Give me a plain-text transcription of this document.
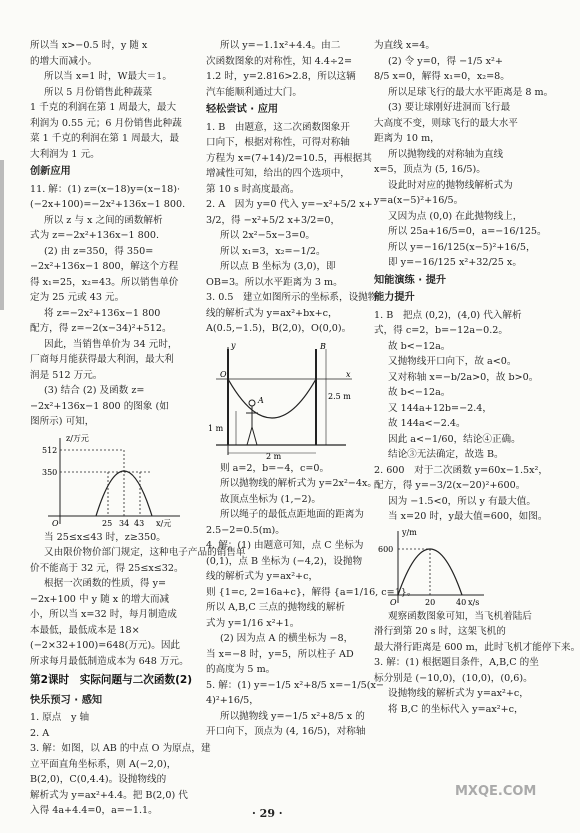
所以当 x>−0.5 时，y 随 x

的增大而减小。

所以当 x=1 时，W最大＝1。

所以 5 月份销售此种蔬菜

1 千克的利润在第 1 周最大，最大

利润为 0.55 元；6 月份销售此种蔬

菜 1 千克的利润在第 1 周最大，最

大利润为 1 元。

创新应用

11. 解：(1) z=(x−18)y=(x−18)·

(−2x+100)=−2x²+136x−1 800.

所以 z 与 x 之间的函数解析

式为 z=−2x²+136x−1 800.

(2) 由 z=350，得 350=

−2x²+136x−1 800，解这个方程

得 x₁=25，x₂=43。所以销售单价

定为 25 元或 43 元。

将 z=−2x²+136x−1 800

配方，得 z=−2(x−34)²+512。

因此，当销售单价为 34 元时，

厂商每月能获得最大利润，最大利

润是 512 万元。

(3) 结合 (2) 及函数 z=

−2x²+136x−1 800 的图象 (如

图所示) 可知，

z/万元
x/元
O
512
350
25 34 43

当 25≤x≤43 时，z≥350。

又由限价物价部门规定，这种电子产品的销售单

价不能高于 32 元，得 25≤x≤32。

根据一次函数的性质，得 y=

−2x+100 中 y 随 x 的增大而减

小，所以当 x=32 时，每月制造成

本最低，最低成本是 18×

(−2×32+100)=648(万元)。因此

所求每月最低制造成本为 648 万元。

第2课时　实际问题与二次函数(2)

快乐预习 · 感知

1. 原点　y 轴

2. A

3. 解：如图，以 AB 的中点 O 为原点，建

立平面直角坐标系，则 A(−2,0)，

B(2,0)，C(0,4.4)。设抛物线的

解析式为 y=ax²+4.4。把 B(2,0) 代

入得 4a+4.4=0，a=−1.1。

所以 y=−1.1x²+4.4。由二

次函数图象的对称性，知 4.4÷2=

1.2 时，y=2.816>2.8，所以这辆

汽车能顺利通过大门。

轻松尝试 · 应用

1. B　由题意，这二次函数图象开

口向下，根据对称性，可得对称轴

方程为 x=(7+14)/2=10.5，再根据其

增减性可知，给出的四个选项中，

第 10 s 时高度最高。

2. A　因为 y=0 代入 y=−x²+5/2 x+

3/2，得 −x²+5/2 x+3/2=0，

所以 2x²−5x−3=0。

所以 x₁=3，x₂=−1/2。

所以点 B 坐标为 (3,0)，即

OB=3。所以水平距离为 3 m。

3. 0.5　建立如图所示的坐标系，设抛物

线的解析式为 y=ax²+bx+c，

A(0.5,−1.5)，B(2,0)，O(0,0)。

B
A
O	x
y
1 m
2.5 m
2 m

则 a=2，b=−4，c=0。

所以抛物线的解析式为 y=2x²−4x。

故顶点坐标为 (1,−2)。

所以绳子的最低点距地面的距离为

2.5−2=0.5(m)。

4. 解：(1) 由题意可知，点 C 坐标为

(0,1)，点 B 坐标为 (−4,2)，设抛物

线的解析式为 y=ax²+c，

则 {1=c, 2=16a+c}，解得 {a=1/16, c=1}。

所以 A,B,C 三点的抛物线的解析

式为 y=1/16 x²+1。

(2) 因为点 A 的横坐标为 −8，

当 x=−8 时，y=5，所以柱子 AD

的高度为 5 m。

5. 解：(1) y=−1/5 x²+8/5 x=−1/5(x−

4)²+16/5，

所以抛物线 y=−1/5 x²+8/5 x 的

开口向下，顶点为 (4, 16/5)，对称轴

为直线 x=4。

(2) 令 y=0，得 −1/5 x²+

8/5 x=0，解得 x₁=0，x₂=8。

所以足球飞行的最大水平距离是 8 m。

(3) 要让球刚好进洞而飞行最

大高度不变，则球飞行的最大水平

距离为 10 m，

所以抛物线的对称轴为直线

x=5，顶点为 (5, 16/5)。

设此时对应的抛物线解析式为

y=a(x−5)²+16/5。

又因为点 (0,0) 在此抛物线上，

所以 25a+16/5=0，a=−16/125。

所以 y=−16/125(x−5)²+16/5，

即 y=−16/125 x²+32/25 x。

知能演练 · 提升

能力提升

1. B　把点 (0,2)，(4,0) 代入解析

式，得 c=2，b=−12a−0.2。

故 b<−12a。

又抛物线开口向下，故 a<0。

又对称轴 x=−b/2a>0，故 b>0。

故 b<−12a。

又 144a+12b=−2.4，

故 144a<−2.4。

因此 a<−1/60，结论④正确。

结论③无法确定，故选 B。

2. 600　对于二次函数 y=60x−1.5x²，

配方，得 y=−3/2(x−20)²+600。

因为 −1.5<0，所以 y 有最大值。

当 x=20 时，y最大值=600，如图。

y/m
x/s
O
600
20	40

观察函数图象可知，当飞机着陆后

滑行到第 20 s 时，这架飞机的

最大滑行距离是 600 m，此时飞机才能停下来。

3. 解：(1) 根据题目条件，A,B,C 的坐

标分别是 (−10,0)，(10,0)，(0,6)。

设抛物线的解析式为 y=ax²+c，

将 B,C 的坐标代入 y=ax²+c，

· 29 ·
MXQE.COM
